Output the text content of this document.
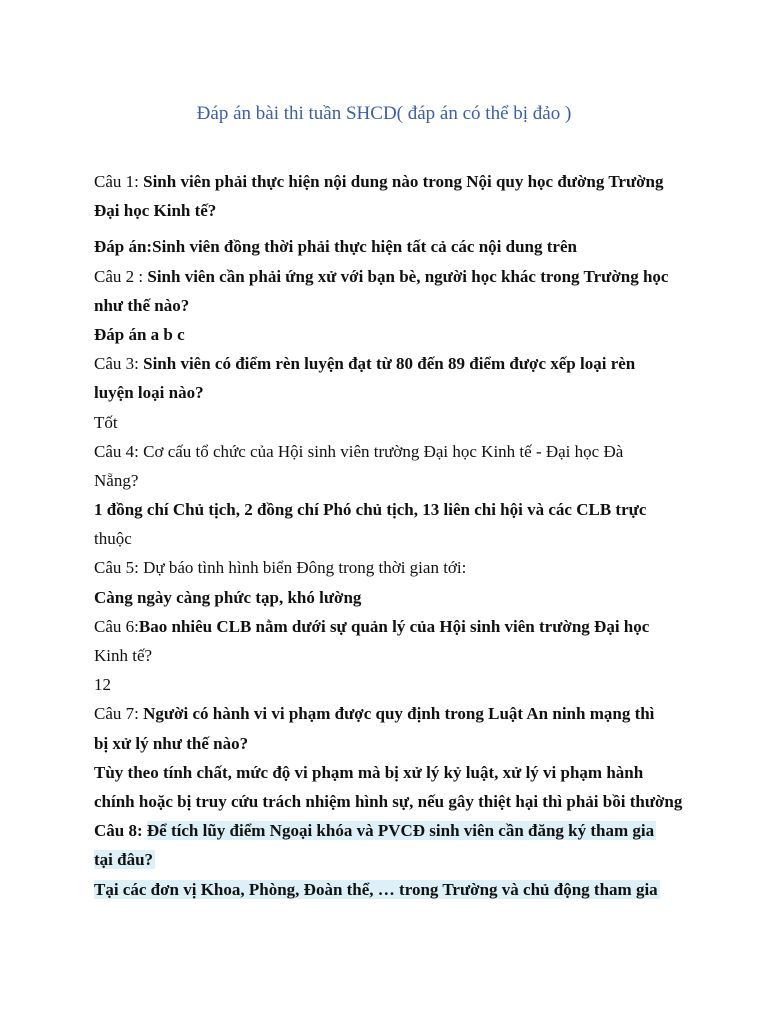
Đáp án bài thi tuần SHCD( đáp án có thể bị đảo )
Câu 1: Sinh viên phải thực hiện nội dung nào trong Nội quy học đường Trường
Đại học Kinh tế?
Đáp án:Sinh viên đồng thời phải thực hiện tất cả các nội dung trên
Câu 2 : Sinh viên cần phải ứng xử với bạn bè, người học khác trong Trường học
như thế nào?
Đáp án a b c
Câu 3: Sinh viên có điểm rèn luyện đạt từ 80 đến 89 điểm được xếp loại rèn
luyện loại nào?
Tốt
Câu 4: Cơ cấu tổ chức của Hội sinh viên trường Đại học Kinh tế - Đại học Đà
Nẵng?
1 đồng chí Chủ tịch, 2 đồng chí Phó chủ tịch, 13 liên chi hội và các CLB trực
thuộc
Câu 5: Dự báo tình hình biển Đông trong thời gian tới:
Càng ngày càng phức tạp, khó lường
Câu 6:Bao nhiêu CLB nằm dưới sự quản lý của Hội sinh viên trường Đại học
Kinh tế?
12
Câu 7: Người có hành vi vi phạm được quy định trong Luật An ninh mạng thì
bị xử lý như thế nào?
Tùy theo tính chất, mức độ vi phạm mà bị xử lý kỷ luật, xử lý vi phạm hành
chính hoặc bị truy cứu trách nhiệm hình sự, nếu gây thiệt hại thì phải bồi thường
Câu 8: Để tích lũy điểm Ngoại khóa và PVCĐ sinh viên cần đăng ký tham gia
tại đâu?
Tại các đơn vị Khoa, Phòng, Đoàn thể, … trong Trường và chủ động tham gia
